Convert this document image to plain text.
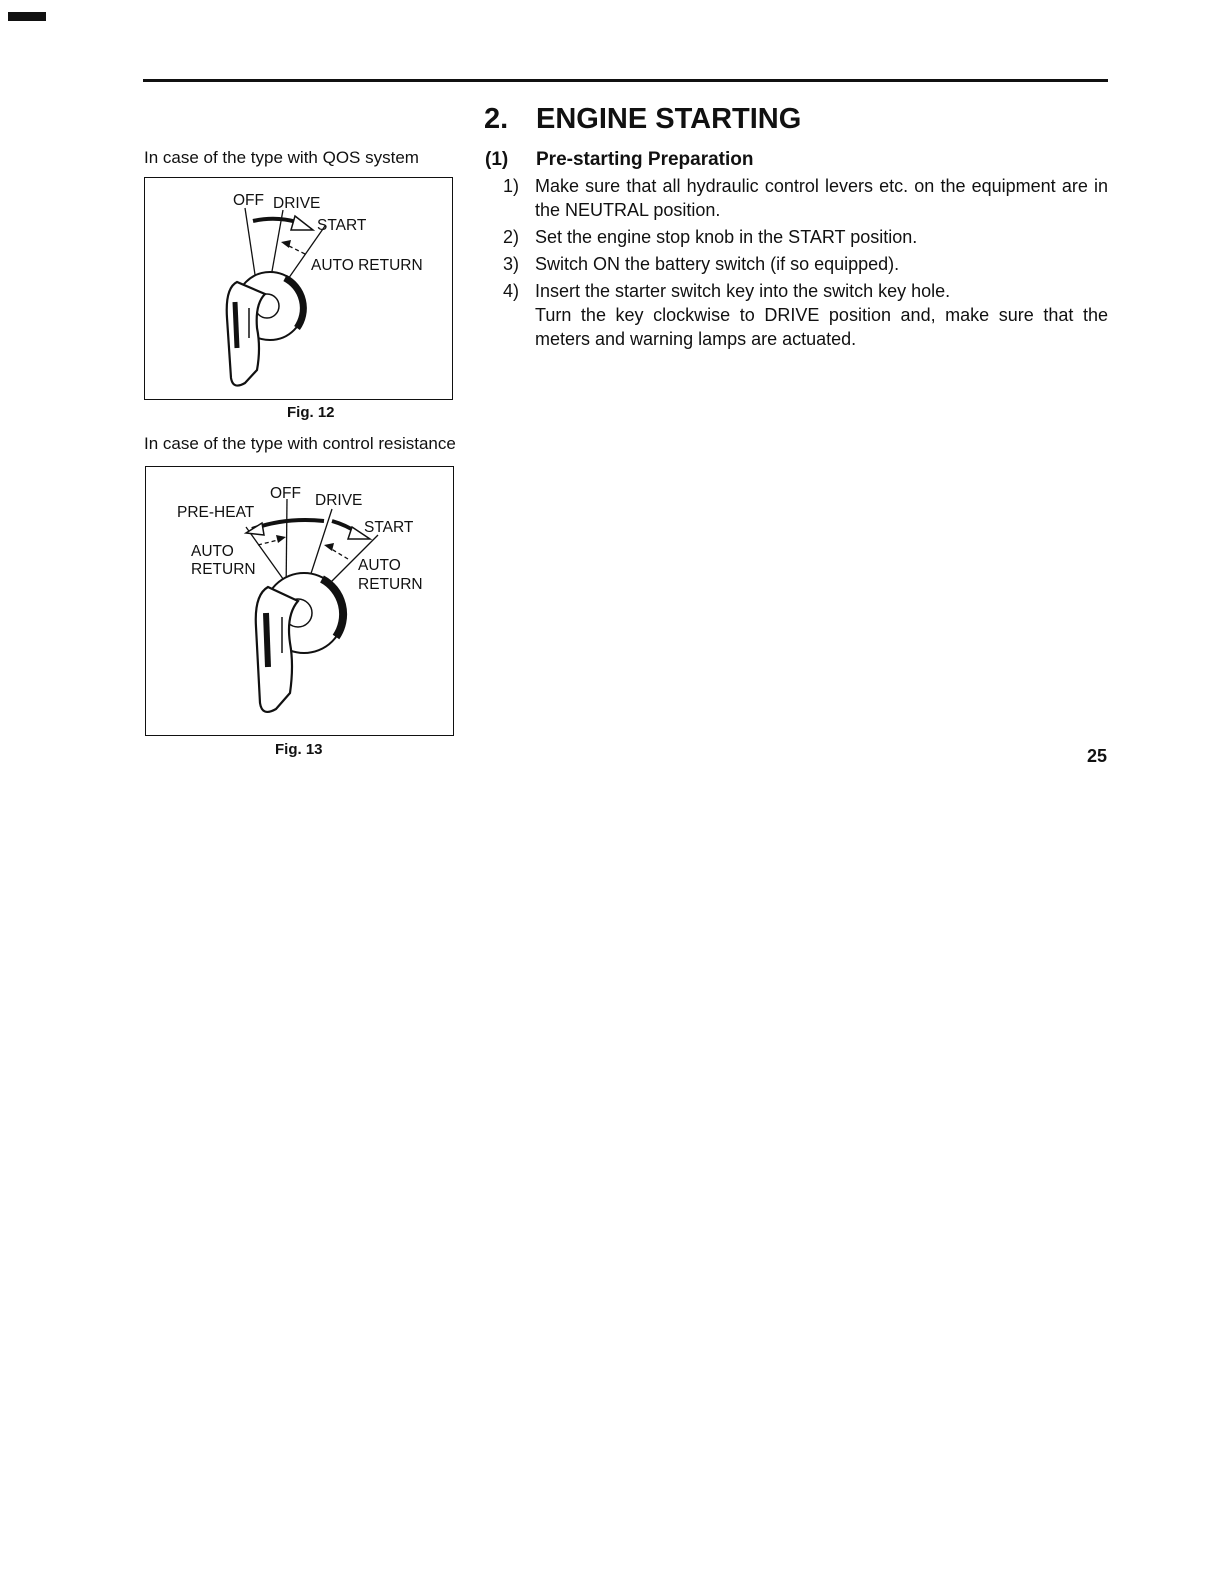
In case of the type with QOS system
OFF DRIVE
START
AUTO RETURN
Fig. 12
In case of the type with control resistance
OFF DRIVE
PRE-HEAT
START
AUTO
RETURN	AUTO
RETURN
Fig. 13
2. ENGINE STARTING
(1) Pre-starting Preparation
1) Make sure that all hydraulic control levers etc. on the equipment are in the NEUTRAL position.

2) Set the engine stop knob in the START position.

3) Switch ON the battery switch (if so equipped).

4) Insert the starter switch key into the switch key hole.

Turn the key clockwise to DRIVE position and, make sure that the meters and warning lamps are actuated.

25
